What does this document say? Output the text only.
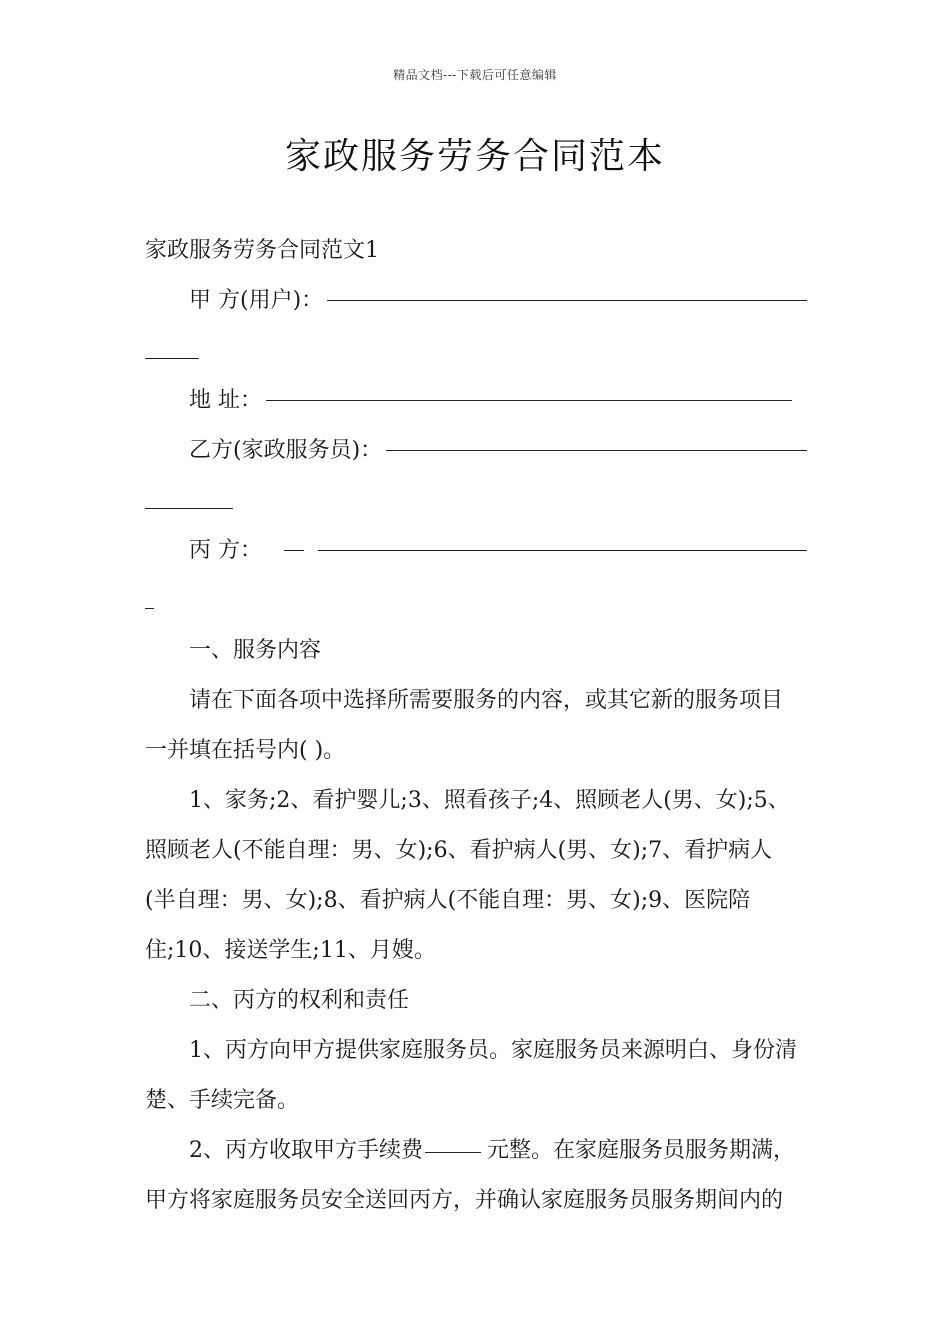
精品文档---下载后可任意编辑
家政服务劳务合同范本
家政服务劳务合同范文1
甲 方(用户)：
地 址：
乙方(家政服务员)：
丙 方：
一、服务内容
请在下面各项中选择所需要服务的内容，或其它新的服务项目
一并填在括号内( )。
1、家务;2、看护婴儿;3、照看孩子;4、照顾老人(男、女);5、
照顾老人(不能自理：男、女);6、看护病人(男、女);7、看护病人
(半自理：男、女);8、看护病人(不能自理：男、女);9、医院陪
住;10、接送学生;11、月嫂。
二、丙方的权利和责任
1、丙方向甲方提供家庭服务员。家庭服务员来源明白、身份清
楚、手续完备。
2、丙方收取甲方手续费	元整。在家庭服务员服务期满，
甲方将家庭服务员安全送回丙方，并确认家庭服务员服务期间内的
